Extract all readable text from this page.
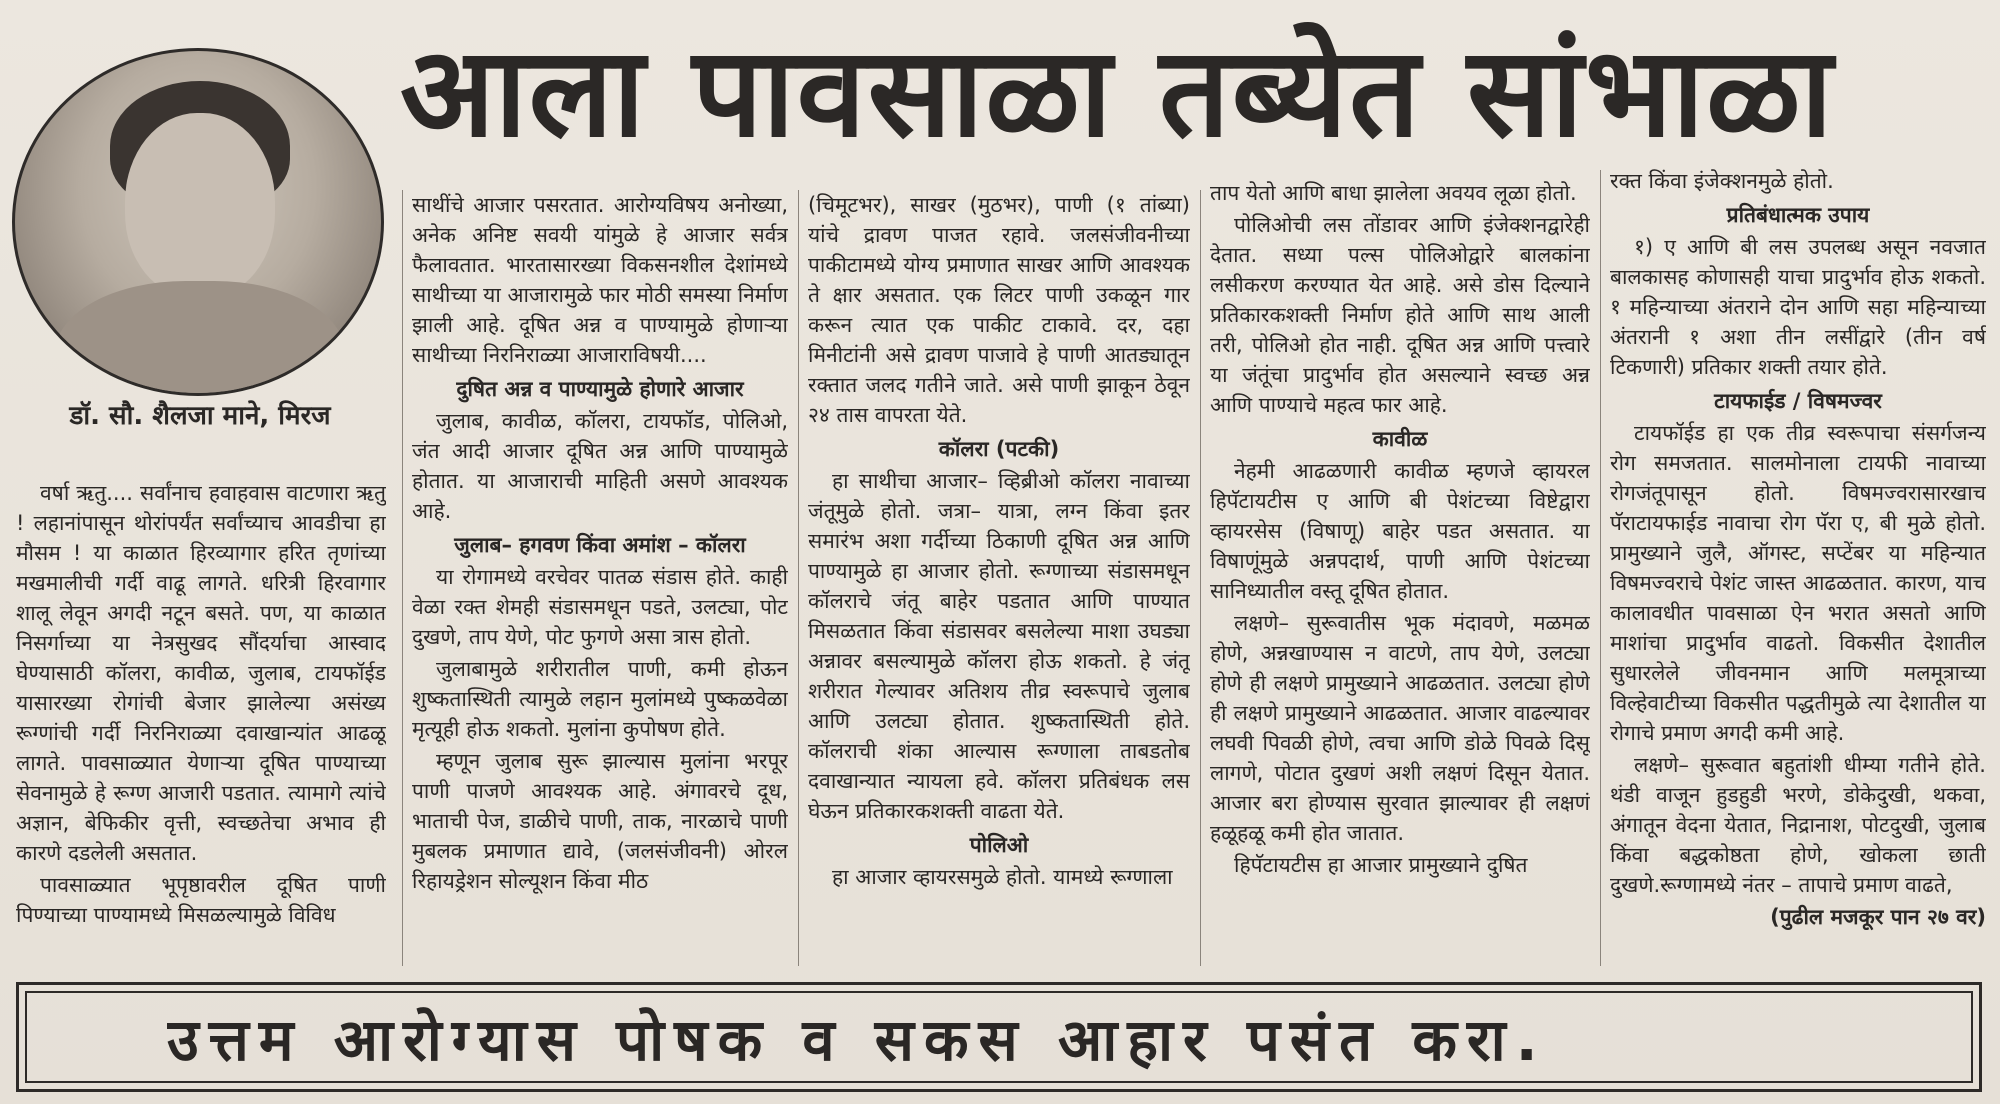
आला पावसाळा तब्येत सांभाळा
डॉ. सौ. शैलजा माने, मिरज

वर्षा ऋतु.... सर्वांनाच हवाहवास वाटणारा ऋतु ! लहानांपासून थोरांपर्यंत सर्वांच्याच आवडीचा हा मौसम ! या काळात हिरव्यागार हरित तृणांच्या मखमालीची गर्दी वाढू लागते. धरित्री हिरवागार शालू लेवून अगदी नटून बसते. पण, या काळात निसर्गाच्या या नेत्रसुखद सौंदर्याचा आस्वाद घेण्यासाठी कॉलरा, कावीळ, जुलाब, टायफॉईड यासारख्या रोगांची बेजार झालेल्या असंख्य रूग्णांची गर्दी निरनिराळ्या दवाखान्यांत आढळू लागते. पावसाळ्यात येणाऱ्या दूषित पाण्याच्या सेवनामुळे हे रूग्ण आजारी पडतात. त्यामागे त्यांचे अज्ञान, बेफिकीर वृत्ती, स्वच्छतेचा अभाव ही कारणे दडलेली असतात.

पावसाळ्यात भूपृष्ठावरील दूषित पाणी पिण्याच्या पाण्यामध्ये मिसळल्यामुळे विविध

साथींचे आजार पसरतात. आरोग्यविषय अनोख्या, अनेक अनिष्ट सवयी यांमुळे हे आजार सर्वत्र फैलावतात. भारतासारख्या विकसनशील देशांमध्ये साथीच्या या आजारामुळे फार मोठी समस्या निर्माण झाली आहे. दूषित अन्न व पाण्यामुळे होणाऱ्या साथीच्या निरनिराळ्या आजाराविषयी....

दुषित अन्न व पाण्यामुळे होणारे आजार

जुलाब, कावीळ, कॉलरा, टायफॉड, पोलिओ, जंत आदी आजार दूषित अन्न आणि पाण्यामुळे होतात. या आजाराची माहिती असणे आवश्यक आहे.

जुलाब– हगवण किंवा अमांश – कॉलरा

या रोगामध्ये वरचेवर पातळ संडास होते. काही वेळा रक्त शेमही संडासमधून पडते, उलट्या, पोट दुखणे, ताप येणे, पोट फुगणे असा त्रास होतो.

जुलाबामुळे शरीरातील पाणी, कमी होऊन शुष्कतास्थिती त्यामुळे लहान मुलांमध्ये पुष्कळवेळा मृत्यूही होऊ शकतो. मुलांना कुपोषण होते.

म्हणून जुलाब सुरू झाल्यास मुलांना भरपूर पाणी पाजणे आवश्यक आहे. अंगावरचे दूध, भाताची पेज, डाळीचे पाणी, ताक, नारळाचे पाणी मुबलक प्रमाणात द्यावे, (जलसंजीवनी) ओरल रिहायड्रेशन सोल्यूशन किंवा मीठ

(चिमूटभर), साखर (मुठभर), पाणी (१ तांब्या) यांचे द्रावण पाजत रहावे. जलसंजीवनीच्या पाकीटामध्ये योग्य प्रमाणात साखर आणि आवश्यक ते क्षार असतात. एक लिटर पाणी उकळून गार करून त्यात एक पाकीट टाकावे. दर, दहा मिनीटांनी असे द्रावण पाजावे हे पाणी आतड्यातून रक्तात जलद गतीने जाते. असे पाणी झाकून ठेवून २४ तास वापरता येते.

कॉलरा (पटकी)

हा साथीचा आजार– व्हिब्रीओ कॉलरा नावाच्या जंतूमुळे होतो. जत्रा– यात्रा, लग्न किंवा इतर समारंभ अशा गर्दीच्या ठिकाणी दूषित अन्न आणि पाण्यामुळे हा आजार होतो. रूग्णाच्या संडासमधून कॉलराचे जंतू बाहेर पडतात आणि पाण्यात मिसळतात किंवा संडासवर बसलेल्या माशा उघड्या अन्नावर बसल्यामुळे कॉलरा होऊ शकतो. हे जंतू शरीरात गेल्यावर अतिशय तीव्र स्वरूपाचे जुलाब आणि उलट्या होतात. शुष्कतास्थिती होते. कॉलराची शंका आल्यास रूग्णाला ताबडतोब दवाखान्यात न्यायला हवे. कॉलरा प्रतिबंधक लस घेऊन प्रतिकारकशक्ती वाढता येते.

पोलिओ

हा आजार व्हायरसमुळे होतो. यामध्ये रूग्णाला

ताप येतो आणि बाधा झालेला अवयव लूळा होतो.

पोलिओची लस तोंडावर आणि इंजेक्शनद्वारेही देतात. सध्या पल्स पोलिओद्वारे बालकांना लसीकरण करण्यात येत आहे. असे डोस दिल्याने प्रतिकारकशक्ती निर्माण होते आणि साथ आली तरी, पोलिओ होत नाही. दूषित अन्न आणि पत्त्वारे या जंतूंचा प्रादुर्भाव होत असल्याने स्वच्छ अन्न आणि पाण्याचे महत्व फार आहे.

कावीळ

नेहमी आढळणारी कावीळ म्हणजे व्हायरल हिपॅटायटीस ए आणि बी पेशंटच्या विष्टेद्वारा व्हायरसेस (विषाणू) बाहेर पडत असतात. या विषाणूंमुळे अन्नपदार्थ, पाणी आणि पेशंटच्या सानिध्यातील वस्तू दूषित होतात.

लक्षणे– सुरूवातीस भूक मंदावणे, मळमळ होणे, अन्नखाण्यास न वाटणे, ताप येणे, उलट्या होणे ही लक्षणे प्रामुख्याने आढळतात. उलट्या होणे ही लक्षणे प्रामुख्याने आढळतात. आजार वाढल्यावर लघवी पिवळी होणे, त्वचा आणि डोळे पिवळे दिसू लागणे, पोटात दुखणं अशी लक्षणं दिसून येतात. आजार बरा होण्यास सुरवात झाल्यावर ही लक्षणं हळूहळू कमी होत जातात.

हिपॅटायटीस हा आजार प्रामुख्याने दुषित

रक्त किंवा इंजेक्शनमुळे होतो.

प्रतिबंधात्मक उपाय

१) ए आणि बी लस उपलब्ध असून नवजात बालकासह कोणासही याचा प्रादुर्भाव होऊ शकतो. १ महिन्याच्या अंतराने दोन आणि सहा महिन्याच्या अंतरानी १ अशा तीन लसींद्वारे (तीन वर्ष टिकणारी) प्रतिकार शक्ती तयार होते.

टायफाईड / विषमज्वर

टायफॉईड हा एक तीव्र स्वरूपाचा संसर्गजन्य रोग समजतात. सालमोनाला टायफी नावाच्या रोगजंतूपासून होतो. विषमज्वरासारखाच पॅराटायफाईड नावाचा रोग पॅरा ए, बी मुळे होतो. प्रामुख्याने जुलै, ऑगस्ट, सप्टेंबर या महिन्यात विषमज्वराचे पेशंट जास्त आढळतात. कारण, याच कालावधीत पावसाळा ऐन भरात असतो आणि माशांचा प्रादुर्भाव वाढतो. विकसीत देशातील सुधारलेले जीवनमान आणि मलमूत्राच्या विल्हेवाटीच्या विकसीत पद्धतीमुळे त्या देशातील या रोगाचे प्रमाण अगदी कमी आहे.

लक्षणे– सुरूवात बहुतांशी धीम्या गतीने होते. थंडी वाजून हुडहुडी भरणे, डोकेदुखी, थकवा, अंगातून वेदना येतात, निद्रानाश, पोटदुखी, जुलाब किंवा बद्धकोष्ठता होणे, खोकला छाती दुखणे.रूग्णामध्ये नंतर – तापाचे प्रमाण वाढते,

(पुढील मजकूर पान २७ वर)
उत्तम आरोग्यास पोषक व सकस आहार पसंत करा.
